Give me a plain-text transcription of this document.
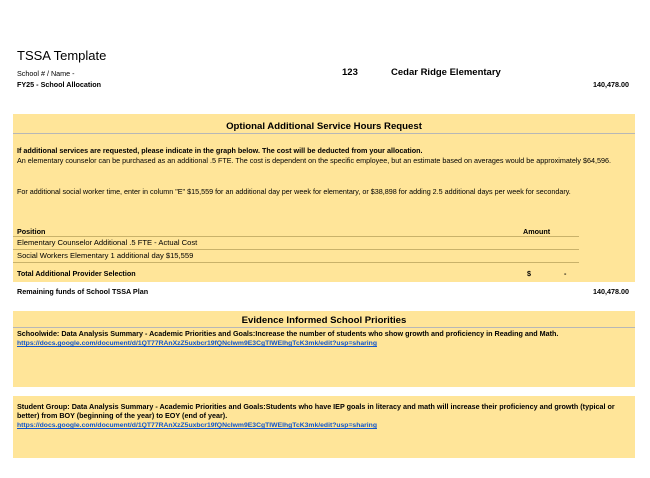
TSSA Template
School # / Name -	123	Cedar Ridge Elementary
FY25 - School Allocation	140,478.00
Optional Additional Service Hours Request
If additional services are requested, please indicate in the graph below. The cost will be deducted from your allocation.
An elementary counselor can be purchased as an additional .5 FTE. The cost is dependent on the specific employee, but an estimate based on averages would be approximately $64,596.
For additional social worker time, enter in column "E" $15,559 for an additional day per week for elementary, or $38,898 for adding 2.5 additional days per week for secondary.
Position	Amount
Elementary Counselor Additional .5 FTE - Actual Cost
Social Workers Elementary 1 additional day $15,559
Total Additional Provider Selection	$	-
Remaining funds of School TSSA Plan	140,478.00
Evidence Informed School Priorities
Schoolwide: Data Analysis Summary - Academic Priorities and Goals:Increase the number of students who show growth and proficiency in Reading and Math.
https://docs.google.com/document/d/1QT77RAnXzZ5uxbcr19fQNclwm9E3CgTIWElhgTcK3mk/edit?usp=sharing
Student Group: Data Analysis Summary - Academic Priorities and Goals:Students who have IEP goals in literacy and math will increase their proficiency and growth (typical or better) from BOY (beginning of the year) to EOY (end of year).
https://docs.google.com/document/d/1QT77RAnXzZ5uxbcr19fQNclwm9E3CgTIWElhgTcK3mk/edit?usp=sharing
